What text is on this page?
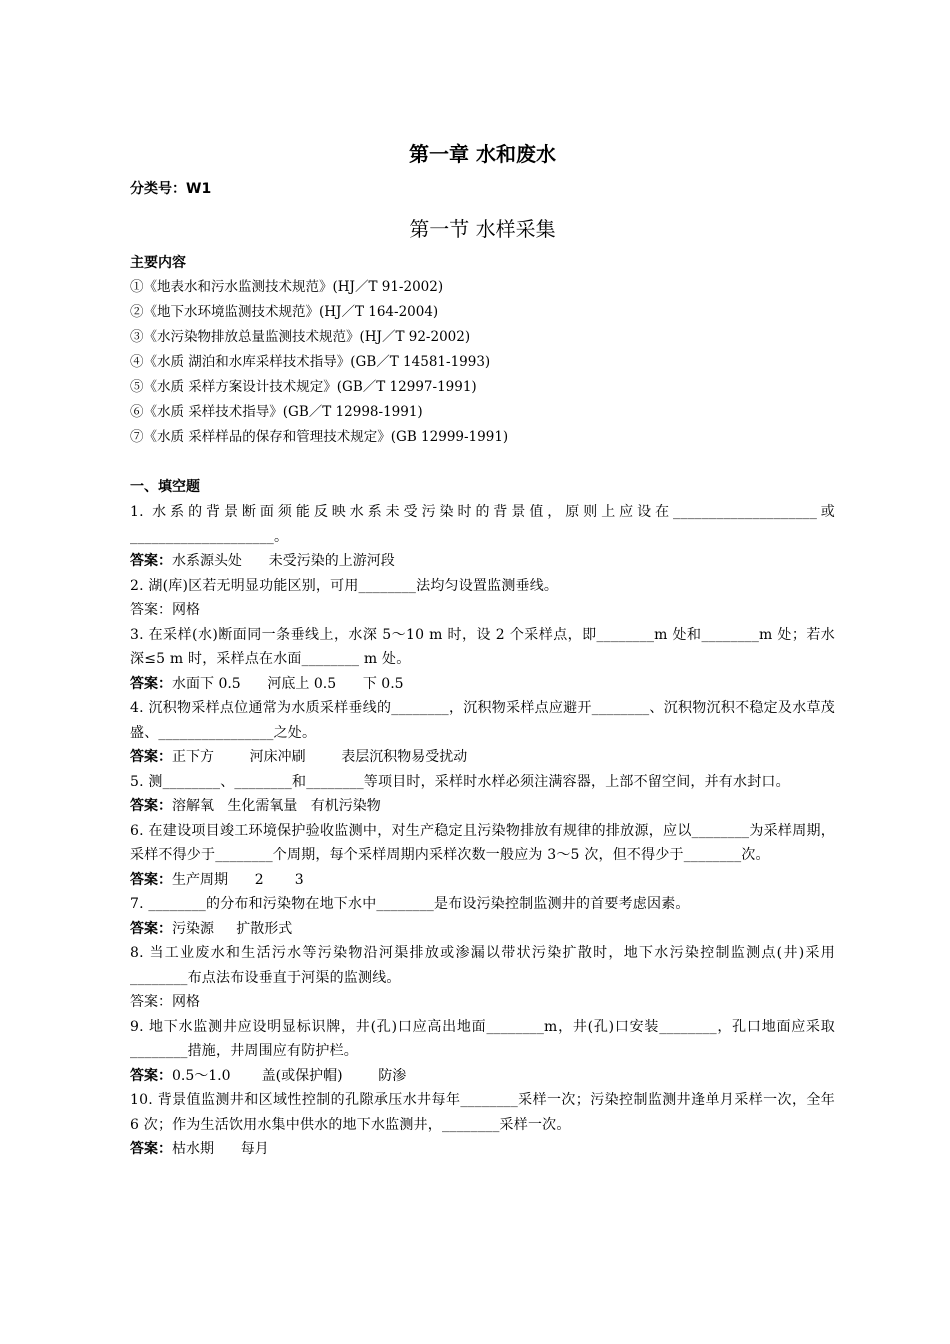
第一章 水和废水
分类号：W1
第一节 水样采集
主要内容
①《地表水和污水监测技术规范》(HJ／T 91-2002)
②《地下水环境监测技术规范》(HJ／T 164-2004)
③《水污染物排放总量监测技术规范》(HJ／T 92-2002)
④《水质 湖泊和水库采样技术指导》(GB／T 14581-1993)
⑤《水质 采样方案设计技术规定》(GB／T 12997-1991)
⑥《水质 采样技术指导》(GB／T 12998-1991)
⑦《水质 采样样品的保存和管理技术规定》(GB 12999-1991)
一、填空题
1. 水系的背景断面须能反映水系未受污染时的背景值，原则上应设在____________________或____________________。
答案：水系源头处      未受污染的上游河段
2. 湖(库)区若无明显功能区别，可用________法均匀设置监测垂线。
答案：网格
3. 在采样(水)断面同一条垂线上，水深 5～10 m 时，设 2 个采样点，即________m 处和________m 处；若水深≤5 m 时，采样点在水面________ m 处。
答案：水面下 0.5      河底上 0.5      下 0.5
4. 沉积物采样点位通常为水质采样垂线的________，沉积物采样点应避开________、沉积物沉积不稳定及水草茂盛、________________之处。
答案：正下方        河床冲刷        表层沉积物易受扰动
5. 测________、________和________等项目时，采样时水样必须注满容器，上部不留空间，并有水封口。
答案：溶解氧   生化需氧量   有机污染物
6. 在建设项目竣工环境保护验收监测中，对生产稳定且污染物排放有规律的排放源，应以________为采样周期，采样不得少于________个周期，每个采样周期内采样次数一般应为 3～5 次，但不得少于________次。
答案：生产周期      2       3
7. ________的分布和污染物在地下水中________是布设污染控制监测井的首要考虑因素。
答案：污染源     扩散形式
8. 当工业废水和生活污水等污染物沿河渠排放或渗漏以带状污染扩散时，地下水污染控制监测点(井)采用________布点法布设垂直于河渠的监测线。
答案：网格
9. 地下水监测井应设明显标识牌，井(孔)口应高出地面________m，井(孔)口安装________，孔口地面应采取________措施，井周围应有防护栏。
答案：0.5～1.0       盖(或保护帽)        防渗
10. 背景值监测井和区域性控制的孔隙承压水井每年________采样一次；污染控制监测井逢单月采样一次，全年 6 次；作为生活饮用水集中供水的地下水监测井，________采样一次。
答案：枯水期      每月
